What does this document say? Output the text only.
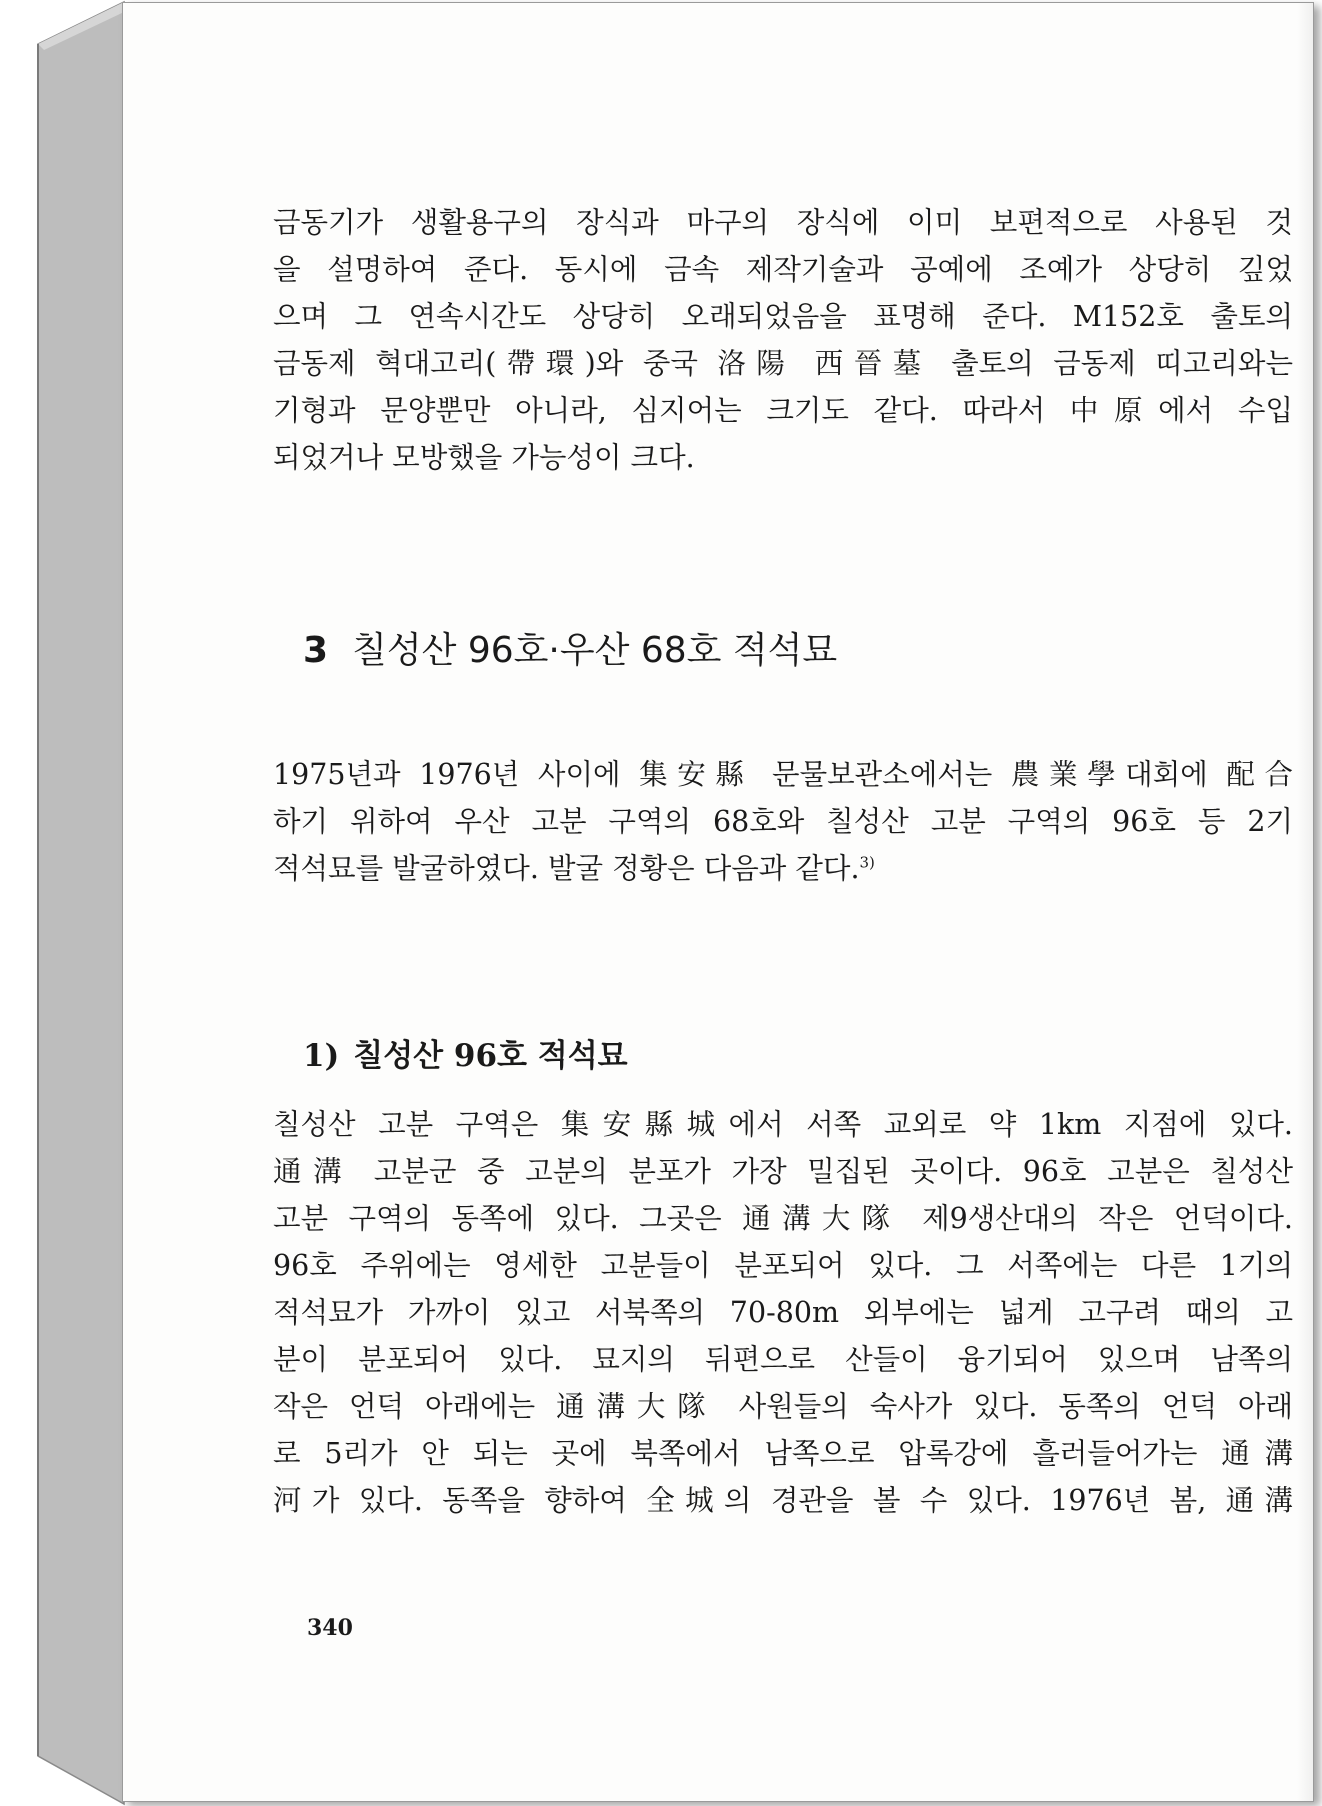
금동기가 생활용구의 장식과 마구의 장식에 이미 보편적으로 사용된 것
을 설명하여 준다. 동시에 금속 제작기술과 공예에 조예가 상당히 깊었
으며 그 연속시간도 상당히 오래되었음을 표명해 준다. M152호 출토의
금동제 혁대고리(帶環)와 중국 洛陽 西晉墓 출토의 금동제 띠고리와는
기형과 문양뿐만 아니라, 심지어는 크기도 같다. 따라서 中原에서 수입
되었거나 모방했을 가능성이 크다.

3 칠성산 96호·우산 68호 적석묘

1975년과 1976년 사이에 集安縣 문물보관소에서는 農業學대회에 配合
하기 위하여 우산 고분 구역의 68호와 칠성산 고분 구역의 96호 등 2기
적석묘를 발굴하였다. 발굴 정황은 다음과 같다.$^{3)}$

1) 칠성산 96호 적석묘

칠성산 고분 구역은 集安縣城에서 서쪽 교외로 약 1km 지점에 있다.
通溝 고분군 중 고분의 분포가 가장 밀집된 곳이다. 96호 고분은 칠성산
고분 구역의 동쪽에 있다. 그곳은 通溝大隊 제9생산대의 작은 언덕이다.
96호 주위에는 영세한 고분들이 분포되어 있다. 그 서쪽에는 다른 1기의
적석묘가 가까이 있고 서북쪽의 70-80m 외부에는 넓게 고구려 때의 고
분이 분포되어 있다. 묘지의 뒤편으로 산들이 융기되어 있으며 남쪽의
작은 언덕 아래에는 通溝大隊 사원들의 숙사가 있다. 동쪽의 언덕 아래
로 5리가 안 되는 곳에 북쪽에서 남쪽으로 압록강에 흘러들어가는 通溝
河가 있다. 동쪽을 향하여 全城의 경관을 볼 수 있다. 1976년 봄, 通溝

340
